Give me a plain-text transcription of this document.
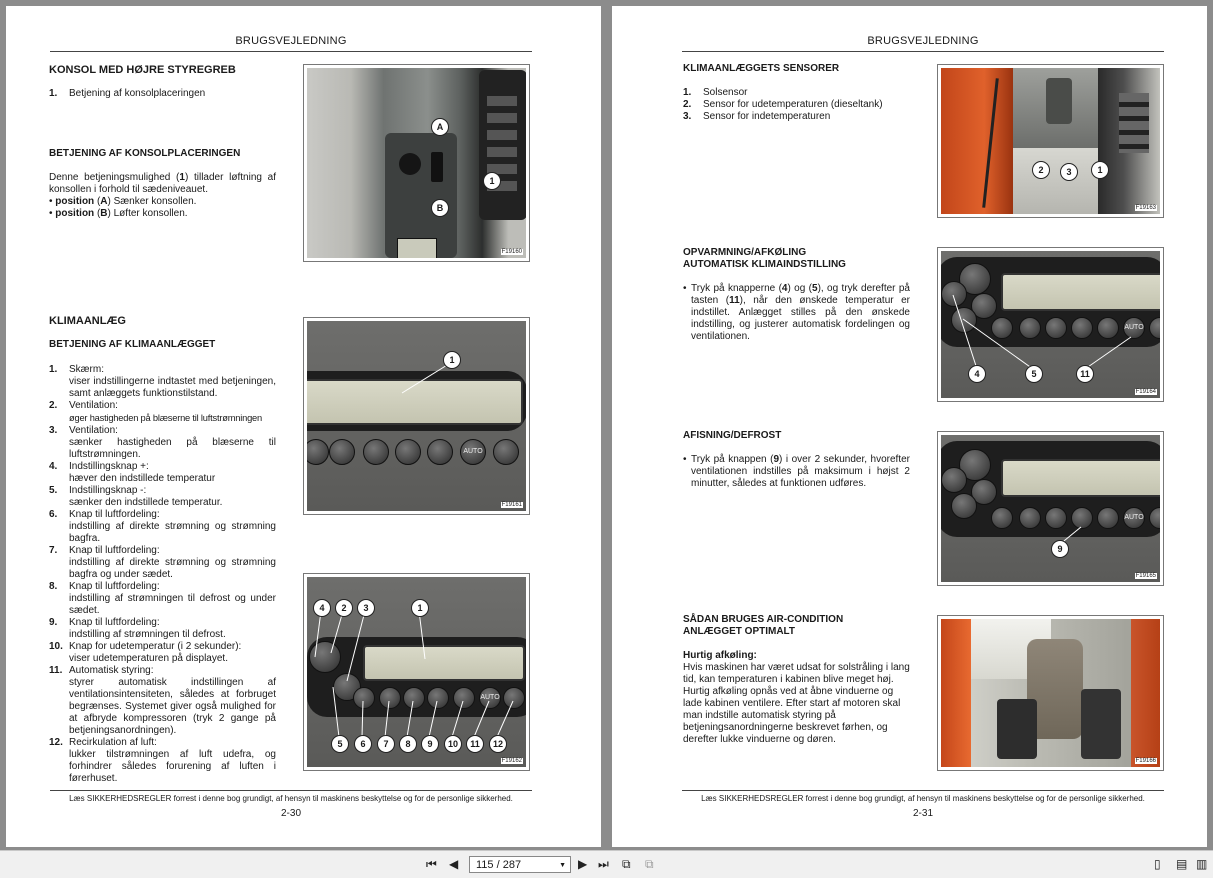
BRUGSVEJLEDNING
KONSOL MED HØJRE STYREGREB
1.	Betjening af konsolplaceringen
BETJENING AF KONSOLPLACERINGEN
Denne betjeningsmulighed (1) tillader løftning af konsollen i forhold til sædeniveauet.
• position (A) Sænker konsollen.
• position (B) Løfter konsollen.
A
1
B
F19160
KLIMAANLÆG
BETJENING AF KLIMAANLÆGGET
1.	Skærm:
viser indstillingerne indtastet med betjeningen, samt anlæggets funktionstilstand.
2.	Ventilation:
øger hastigheden på blæserne til luftstrømningen
3.	Ventilation:
sænker hastigheden på blæserne til luftstrømningen.
4.	Indstillingsknap +:
hæver den indstillede temperatur
5.	Indstillingsknap -:
sænker den indstillede temperatur.
6.	Knap til luftfordeling:
indstilling af direkte strømning og strømning bagfra.
7.	Knap til luftfordeling:
indstilling af direkte strømning og strømning bagfra og under sædet.
8.	Knap til luftfordeling:
indstilling af strømningen til defrost og under sædet.
9.	Knap til luftfordeling:
indstilling af strømningen til defrost.
10. Knap for udetemperatur (i 2 sekunder):
viser udetemperaturen på displayet.
11. Automatisk styring:
styrer automatisk indstillingen af ventilationsintensiteten, således at forbruget begrænses. Systemet giver også mulighed for at afbryde kompressoren (tryk 2 gange på betjeningsanordningen).
12. Recirkulation af luft:
lukker tilstrømningen af luft udefra, og forhindrer således forurening af luften i førerhuset.
AUTO
1
F19161
AUTO
4	2	3	1
5	6	7	8	9	10	11	12
F19162
Læs SIKKERHEDSREGLER forrest i denne bog grundigt, af hensyn til maskinens beskyttelse og for de personlige sikkerhed.
2-30
BRUGSVEJLEDNING
KLIMAANLÆGGETS SENSORER
1.	Solsensor
2.	Sensor for udetemperaturen (dieseltank)
3.	Sensor for indetemperaturen
2	3	1
F19163
OPVARMNING/AFKØLING
AUTOMATISK KLIMAINDSTILLING
• Tryk på knapperne (4) og (5), og tryk derefter på tasten (11), når den ønskede temperatur er indstillet. Anlægget stilles på den ønskede indstilling, og justerer automatisk fordelingen og ventilationen.
AUTO
4	5	11
F19164
AFISNING/DEFROST
• Tryk på knappen (9) i over 2 sekunder, hvorefter ventilationen indstilles på maksimum i højst 2 minutter, således at funktionen udføres.
AUTO
9
F19165
SÅDAN BRUGES AIR-CONDITION
ANLÆGGET OPTIMALT
Hurtig afkøling:
Hvis maskinen har været udsat for solstråling i lang tid, kan temperaturen i kabinen blive meget høj. Hurtig afkøling opnås ved at åbne vinduerne og lade kabinen ventilere. Efter start af motoren skal man indstille automatisk styring på betjeningsanordningerne beskrevet førhen, og derefter lukke vinduerne og døren.
F19166
Læs SIKKERHEDSREGLER forrest i denne bog grundigt, af hensyn til maskinens beskyttelse og for de personlige sikkerhed.
2-31
⏮ ◀	115 / 287	▼ ▶ ⏭ ⧉ ⧉	▯ ▤ ▥
